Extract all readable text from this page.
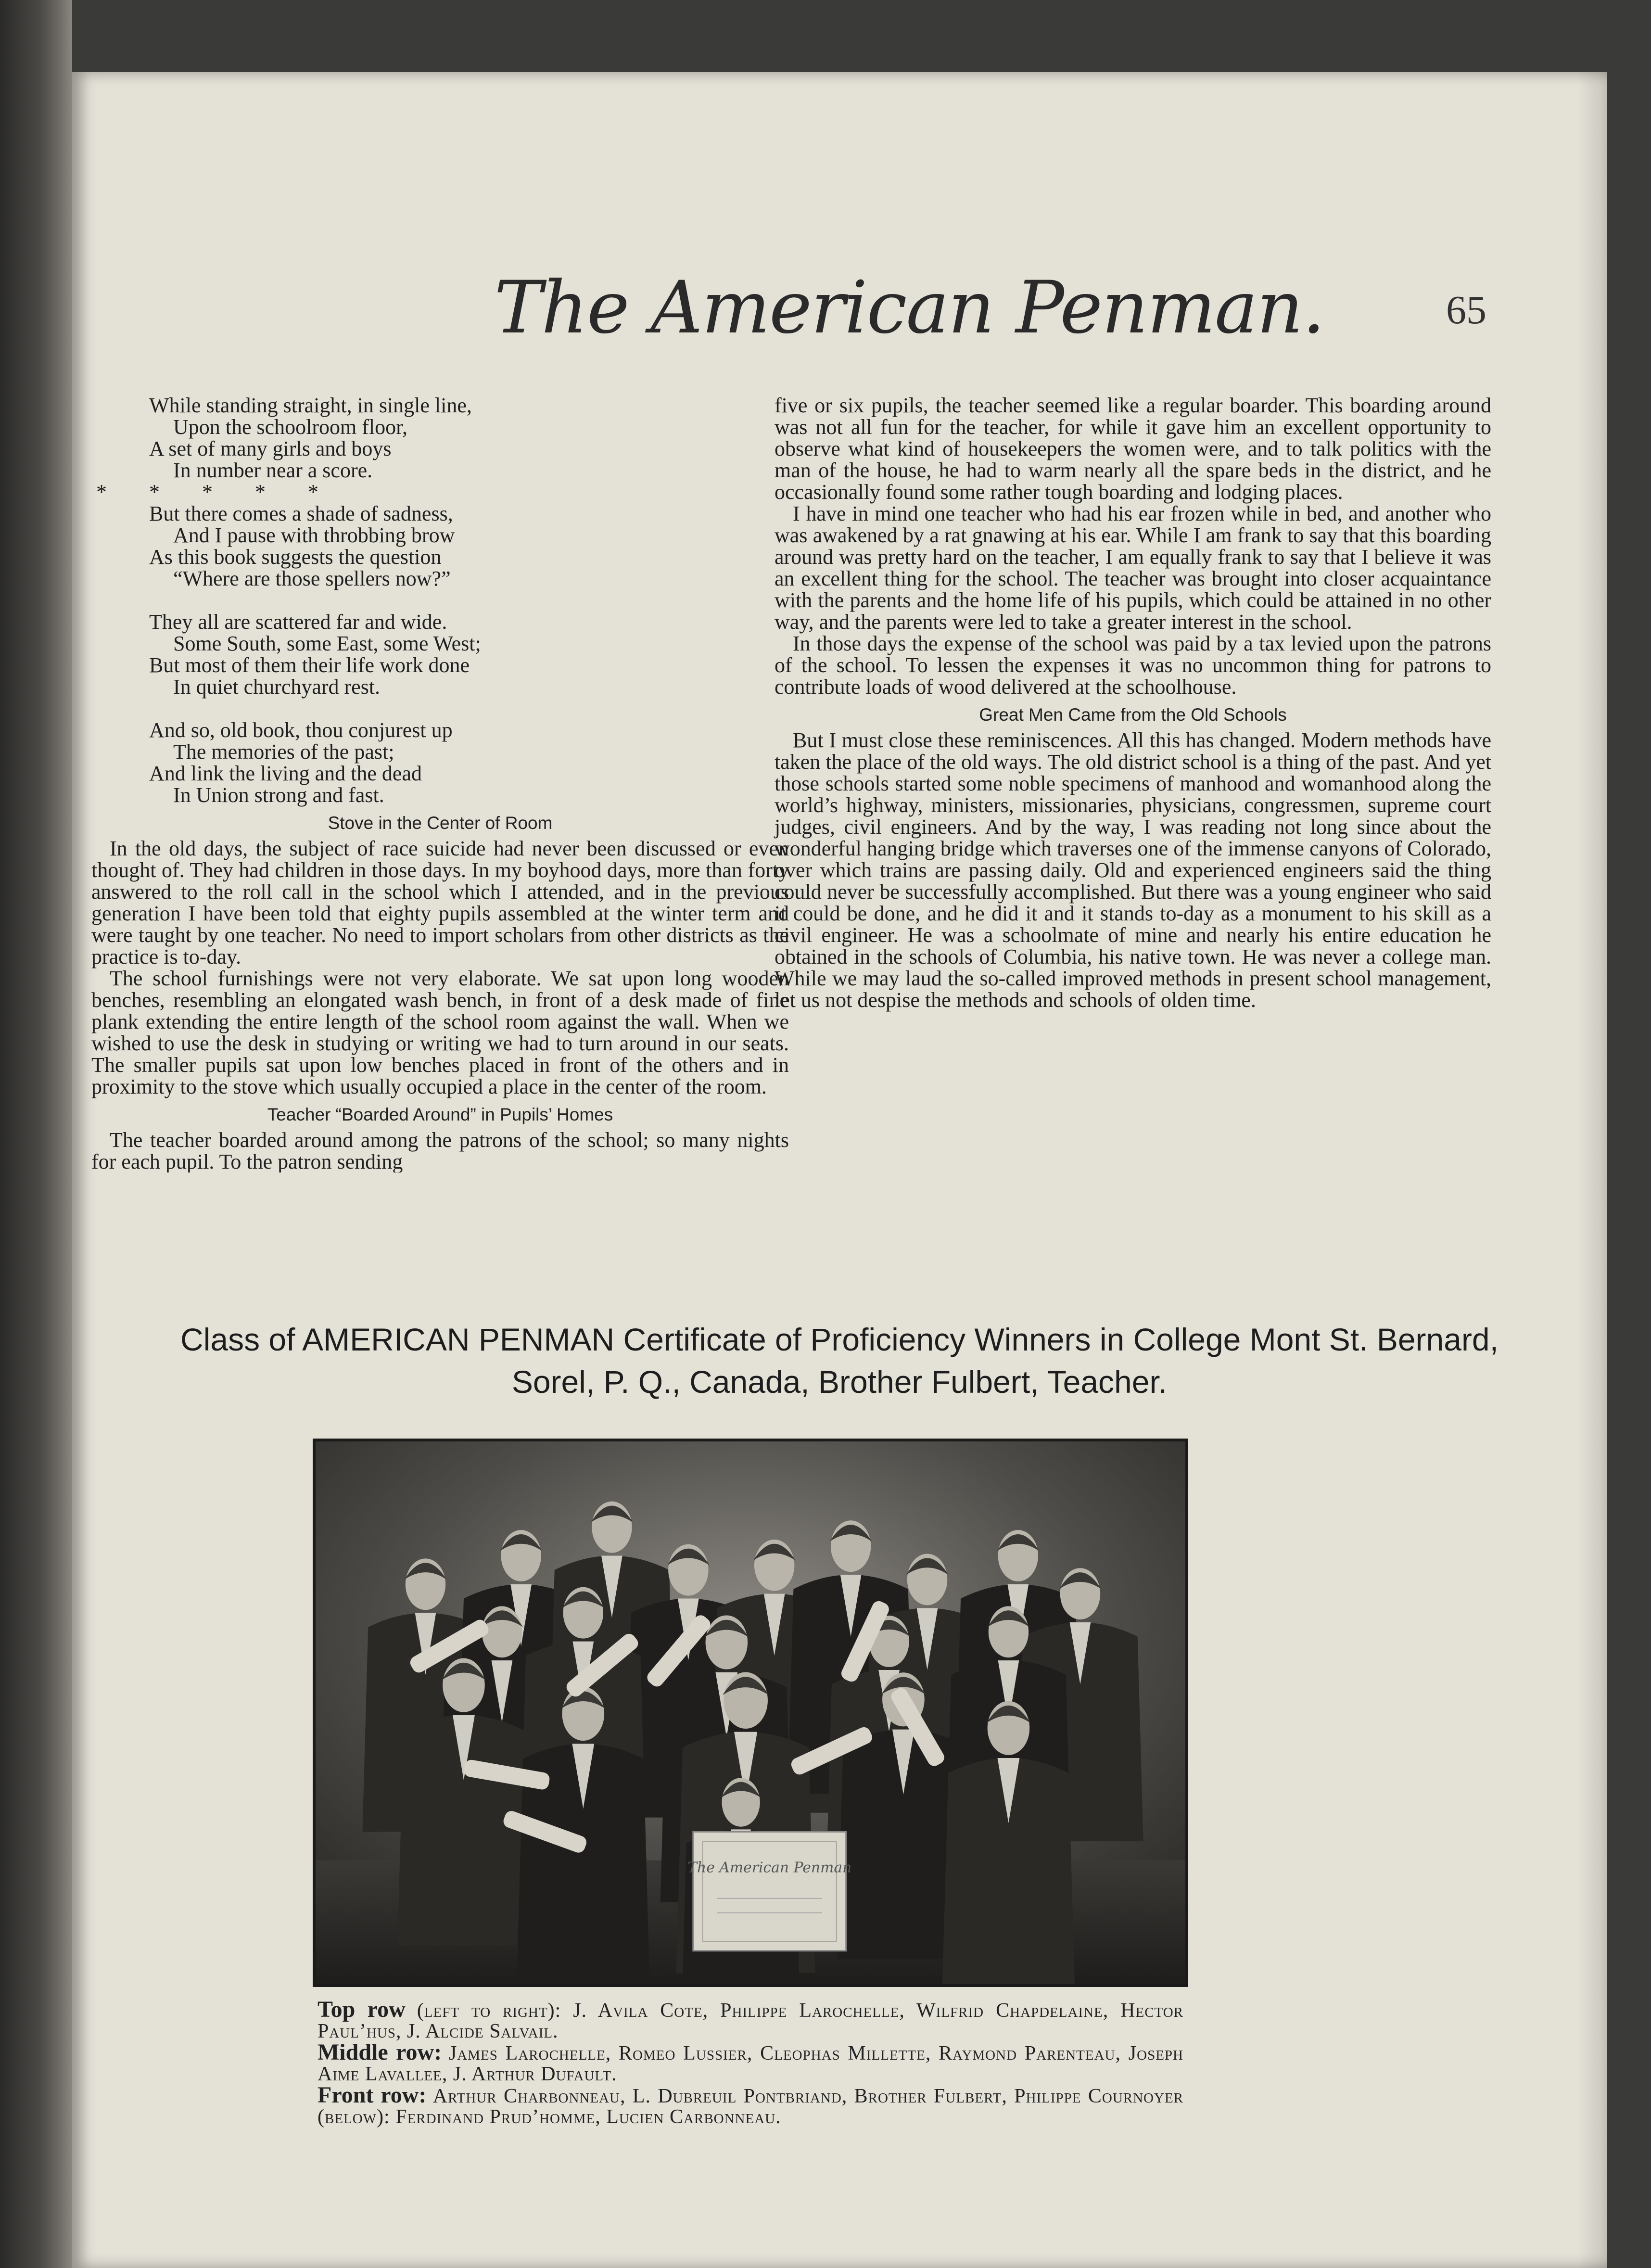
The American Penman.	65
While standing straight, in single line,
Upon the schoolroom floor,
A set of many girls and boys
In number near a score.
*        *        *        *        *
But there comes a shade of sadness,
And I pause with throbbing brow
As this book suggests the question
“Where are those spellers now?”
They all are scattered far and wide.
Some South, some East, some West;
But most of them their life work done
In quiet churchyard rest.
And so, old book, thou conjurest up
The memories of the past;
And link the living and the dead
In Union strong and fast.
Stove in the Center of Room

In the old days, the subject of race suicide had never been discussed or even thought of. They had children in those days. In my boyhood days, more than forty answered to the roll call in the school which I attended, and in the previous generation I have been told that eighty pupils assembled at the winter term and were taught by one teacher. No need to import scholars from other districts as the practice is to-day.

The school furnishings were not very elaborate. We sat upon long wooden benches, resembling an elongated wash bench, in front of a desk made of fine plank extending the entire length of the school room against the wall. When we wished to use the desk in studying or writing we had to turn around in our seats. The smaller pupils sat upon low benches placed in front of the others and in proximity to the stove which usually occupied a place in the center of the room.

Teacher “Boarded Around” in Pupils’ Homes

The teacher boarded around among the patrons of the school; so many nights for each pupil. To the patron sending

five or six pupils, the teacher seemed like a regular boarder. This boarding around was not all fun for the teacher, for while it gave him an excellent opportunity to observe what kind of housekeepers the women were, and to talk politics with the man of the house, he had to warm nearly all the spare beds in the district, and he occasionally found some rather tough boarding and lodging places.

I have in mind one teacher who had his ear frozen while in bed, and another who was awakened by a rat gnawing at his ear. While I am frank to say that this boarding around was pretty hard on the teacher, I am equally frank to say that I believe it was an excellent thing for the school. The teacher was brought into closer acquaintance with the parents and the home life of his pupils, which could be attained in no other way, and the parents were led to take a greater interest in the school.

In those days the expense of the school was paid by a tax levied upon the patrons of the school. To lessen the expenses it was no uncommon thing for patrons to contribute loads of wood delivered at the schoolhouse.

Great Men Came from the Old Schools

But I must close these reminiscences. All this has changed. Modern methods have taken the place of the old ways. The old district school is a thing of the past. And yet those schools started some noble specimens of manhood and womanhood along the world’s highway, ministers, missionaries, physicians, congressmen, supreme court judges, civil engineers. And by the way, I was reading not long since about the wonderful hanging bridge which traverses one of the immense canyons of Colorado, over which trains are passing daily. Old and experienced engineers said the thing could never be successfully accomplished. But there was a young engineer who said it could be done, and he did it and it stands to-day as a monument to his skill as a civil engineer. He was a schoolmate of mine and nearly his entire education he obtained in the schools of Columbia, his native town. He was never a college man. While we may laud the so-called improved methods in present school management, let us not despise the methods and schools of olden time.

Class of AMERICAN PENMAN Certificate of Proficiency Winners in College Mont St. Bernard,
Sorel, P. Q., Canada, Brother Fulbert, Teacher.
The American Penman

Top row (left to right): J. Avila Cote, Philippe Larochelle, Wilfrid Chapdelaine, Hector Paul’hus, J. Alcide Salvail.

Middle row: James Larochelle, Romeo Lussier, Cleophas Millette, Raymond Parenteau, Joseph Aime Lavallee, J. Arthur Dufault.

Front row: Arthur Charbonneau, L. Dubreuil Pontbriand, Brother Fulbert, Philippe Cournoyer (below): Ferdinand Prud’homme, Lucien Carbonneau.
